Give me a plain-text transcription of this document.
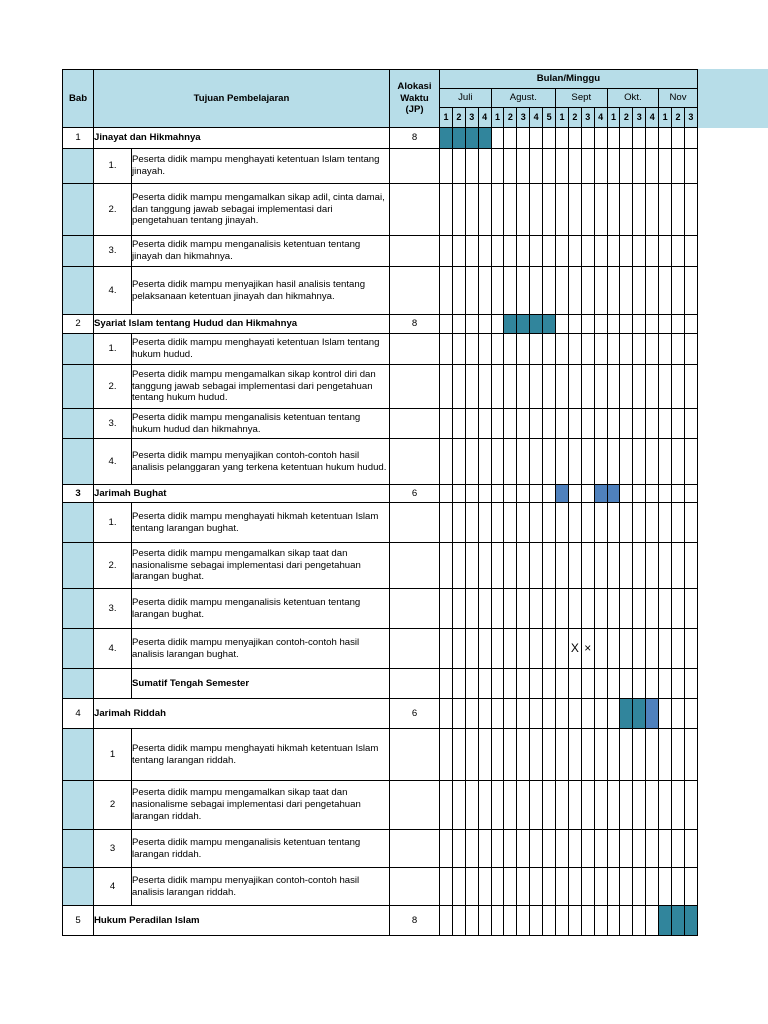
Bab	Tujuan Pembelajaran		Alokasi Waktu (JP)	Bulan/Minggu																			
				Juli				Agust.					Sept				Okt.				Nov		
				1	2	3	4	1	2	3	4	5	1	2	3	4	1	2	3	4	1	2	3
1	Jinayat dan Hikmahnya		8																				
	1.	Peserta didik mampu menghayati ketentuan Islam tentang jinayah.																					
	2.	Peserta didik mampu mengamalkan sikap adil, cinta damai, dan tanggung jawab sebagai implementasi dari pengetahuan tentang jinayah.																					
	3.	Peserta didik mampu menganalisis ketentuan tentang jinayah dan hikmahnya.																					
	4.	Peserta didik mampu menyajikan hasil analisis tentang pelaksanaan ketentuan jinayah dan hikmahnya.																					
2	Syariat Islam tentang Hudud dan Hikmahnya		8																				
	1.	Peserta didik mampu menghayati ketentuan Islam tentang hukum hudud.																					
	2.	Peserta didik mampu mengamalkan sikap kontrol diri dan tanggung jawab sebagai implementasi dari pengetahuan tentang hukum hudud.																					
	3.	Peserta didik mampu menganalisis ketentuan tentang hukum hudud dan hikmahnya.																					
	4.	Peserta didik mampu menyajikan contoh-contoh hasil analisis pelanggaran yang terkena ketentuan hukum hudud.																					
3	Jarimah Bughat		6																				
	1.	Peserta didik mampu menghayati hikmah ketentuan Islam tentang larangan bughat.																					
	2.	Peserta didik mampu mengamalkan sikap taat dan nasionalisme sebagai implementasi dari pengetahuan larangan bughat.																					
	3.	Peserta didik mampu menganalisis ketentuan tentang larangan bughat.																					
	4.	Peserta didik mampu menyajikan contoh-contoh hasil analisis larangan bughat.												X	×								
		Sumatif Tengah Semester																					
4	Jarimah Riddah		6																				
	1	Peserta didik mampu menghayati hikmah ketentuan Islam tentang larangan riddah.																					
	2	Peserta didik mampu mengamalkan sikap taat dan nasionalisme sebagai implementasi dari pengetahuan larangan riddah.																					
	3	Peserta didik mampu menganalisis ketentuan tentang larangan riddah.																					
	4	Peserta didik mampu menyajikan contoh-contoh hasil analisis larangan riddah.																					
5	Hukum Peradilan Islam		8																				
